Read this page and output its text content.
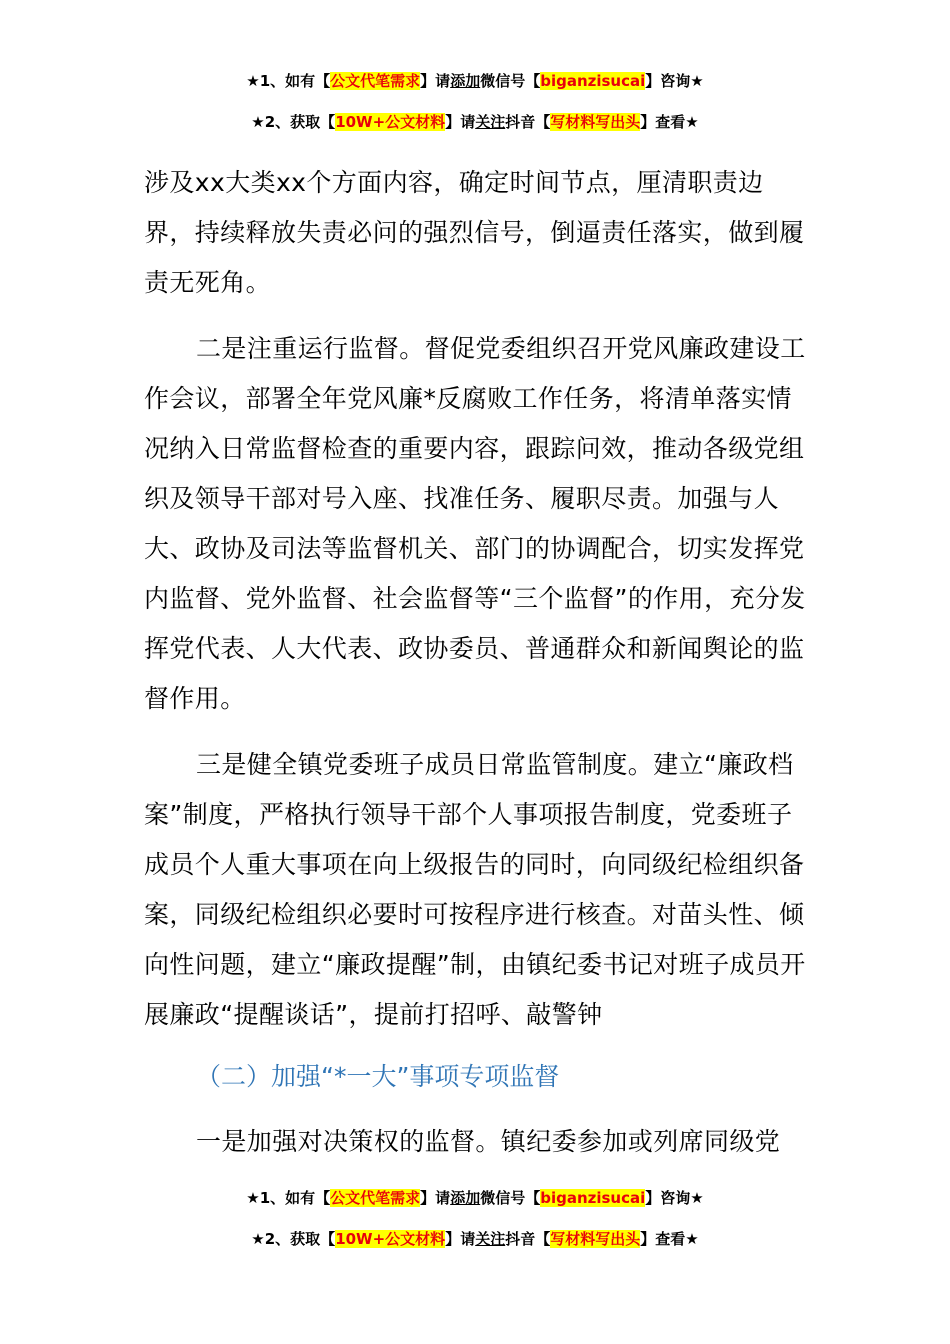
★1、如有【公文代笔需求】请添加微信号【biganzisucai】咨询★
★2、获取【10W+公文材料】请关注抖音【写材料写出头】查看★

涉及xx大类xx个方面内容，确定时间节点，厘清职责边界，持续释放失责必问的强烈信号，倒逼责任落实，做到履责无死角。

二是注重运行监督。督促党委组织召开党风廉政建设工作会议，部署全年党风廉*反腐败工作任务，将清单落实情况纳入日常监督检查的重要内容，跟踪问效，推动各级党组织及领导干部对号入座、找准任务、履职尽责。加强与人大、政协及司法等监督机关、部门的协调配合，切实发挥党内监督、党外监督、社会监督等“三个监督”的作用，充分发挥党代表、人大代表、政协委员、普通群众和新闻舆论的监督作用。

三是健全镇党委班子成员日常监管制度。建立“廉政档案”制度，严格执行领导干部个人事项报告制度，党委班子成员个人重大事项在向上级报告的同时，向同级纪检组织备案，同级纪检组织必要时可按程序进行核查。对苗头性、倾向性问题，建立“廉政提醒”制，由镇纪委书记对班子成员开展廉政“提醒谈话”，提前打招呼、敲警钟

（二）加强“*一大”事项专项监督

一是加强对决策权的监督。镇纪委参加或列席同级党

★1、如有【公文代笔需求】请添加微信号【biganzisucai】咨询★
★2、获取【10W+公文材料】请关注抖音【写材料写出头】查看★
